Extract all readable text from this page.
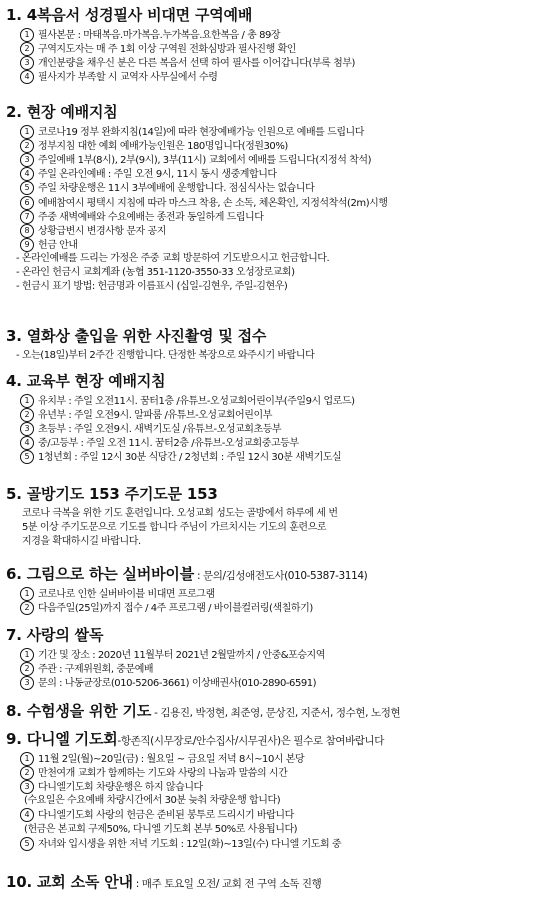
1. 4복음서 성경필사 비대면 구역예배
1 필사본문 : 마태복음.마가복음.누가복음.요한복음 / 총 89장
2 구역지도자는 매 주 1회 이상 구역원 전화심방과 필사진행 확인
3 개인분량을 채우신 분은 다른 복음서 선택 하여 필사를 이어갑니다(부록 첨부)
4 필사지가 부족할 시 교역자 사무실에서 수령
2. 현장 예배지침
1 코로나19 정부 완화지침(14일)에 따라 현장예배가능 인원으로 예배를 드립니다
2 정부지침 대한 예회 예배가능인원은 180명입니다(정원30%)
3 주일예배 1부(8시), 2부(9시), 3부(11시) 교회에서 예배를 드립니다(지정석 착석)
4 주일 온라인예배 : 주일 오전 9시, 11시 동시 생중계합니다
5 주일 차량운행은 11시 3부예배에 운행합니다. 점심식사는 없습니다
6 예배참여시 평택시 지침에 따라 마스크 착용, 손 소독, 체온확인, 지정석착석(2m)시행
7 주중 새벽예배와 수요예배는 종전과 동일하게 드립니다
8 상황급변시 변경사항 문자 공지
9 헌금 안내
- 온라인예배를 드리는 가정은 주중 교회 방문하여 기도받으시고 헌금합니다.
- 온라인 헌금시 교회계좌 (농협 351-1120-3550-33 오성장로교회)
- 헌금시 표기 방법: 헌금명과 이름표시 (십일-김현우, 주일-김현우)
3. 열화상 출입을 위한 사진촬영 및 접수
- 오는(18일)부터 2주간 진행합니다. 단정한 복장으로 와주시기 바랍니다
4. 교육부 현장 예배지침
1 유치부 : 주일 오전11시. 꿈터1층 /유튜브-오성교회어린이부(주일9시 업로드)
2 유년부 : 주일 오전9시. 알파룸 /유튜브-오성교회어린이부
3 초등부 : 주일 오전9시. 새벽기도실 /유튜브-오성교회초등부
4 중/고등부 : 주일 오전 11시. 꿈터2층 /유튜브-오성교회중고등부
5 1청년회 : 주일 12시 30분 식당간 / 2청년회 : 주일 12시 30분 새벽기도실
5. 골방기도 153 주기도문 153
코로나 극복을 위한 기도 훈련입니다. 오성교회 성도는 골방에서 하루에 세 번
5분 이상 주기도문으로 기도를 합니다 주님이 가르치시는 기도의 훈련으로
지경을 확대하시길 바랍니다.
6. 그림으로 하는 실버바이블 : 문의/김성애전도사(010-5387-3114)
1 코로나로 인한 실버바이블 비대면 프로그램
2 다음주일(25일)까지 접수 / 4주 프로그램 / 바이블컬러링(색칠하기)
7. 사랑의 쌀독
1 기간 및 장소 : 2020년 11월부터 2021년 2월말까지 / 안중&포승지역
2 주관 : 구제위원회, 중문예배
3 문의 : 나동균장로(010-5206-3661) 이상배권사(010-2890-6591)
8. 수험생을 위한 기도 - 김용진, 박정현, 최준영, 문상진, 지준서, 정수현, 노정현
9. 다니엘 기도회-항존직(시무장로/안수집사/시무권사)은 필수로 참여바랍니다
1 11월 2일(월)~20일(금) : 월요일 ~ 금요일 저녁 8시~10시 본당
2 만천여개 교회가 함께하는 기도와 사랑의 나눔과 말씀의 시간
3 다니엘기도회 차량운행은 하지 않습니다
(수요일은 수요예배 차량시간에서 30분 늦춰 차량운행 합니다)
4 다니엘기도회 사랑의 헌금은 준비된 봉투로 드리시기 바랍니다
(헌금은 본교회 구제50%, 다니엘 기도회 본부 50%로 사용됩니다)
5 자녀와 입시생을 위한 저녁 기도회 : 12일(화)~13일(수) 다니엘 기도회 중
10. 교회 소독 안내 : 매주 토요일 오전/ 교회 전 구역 소독 진행
